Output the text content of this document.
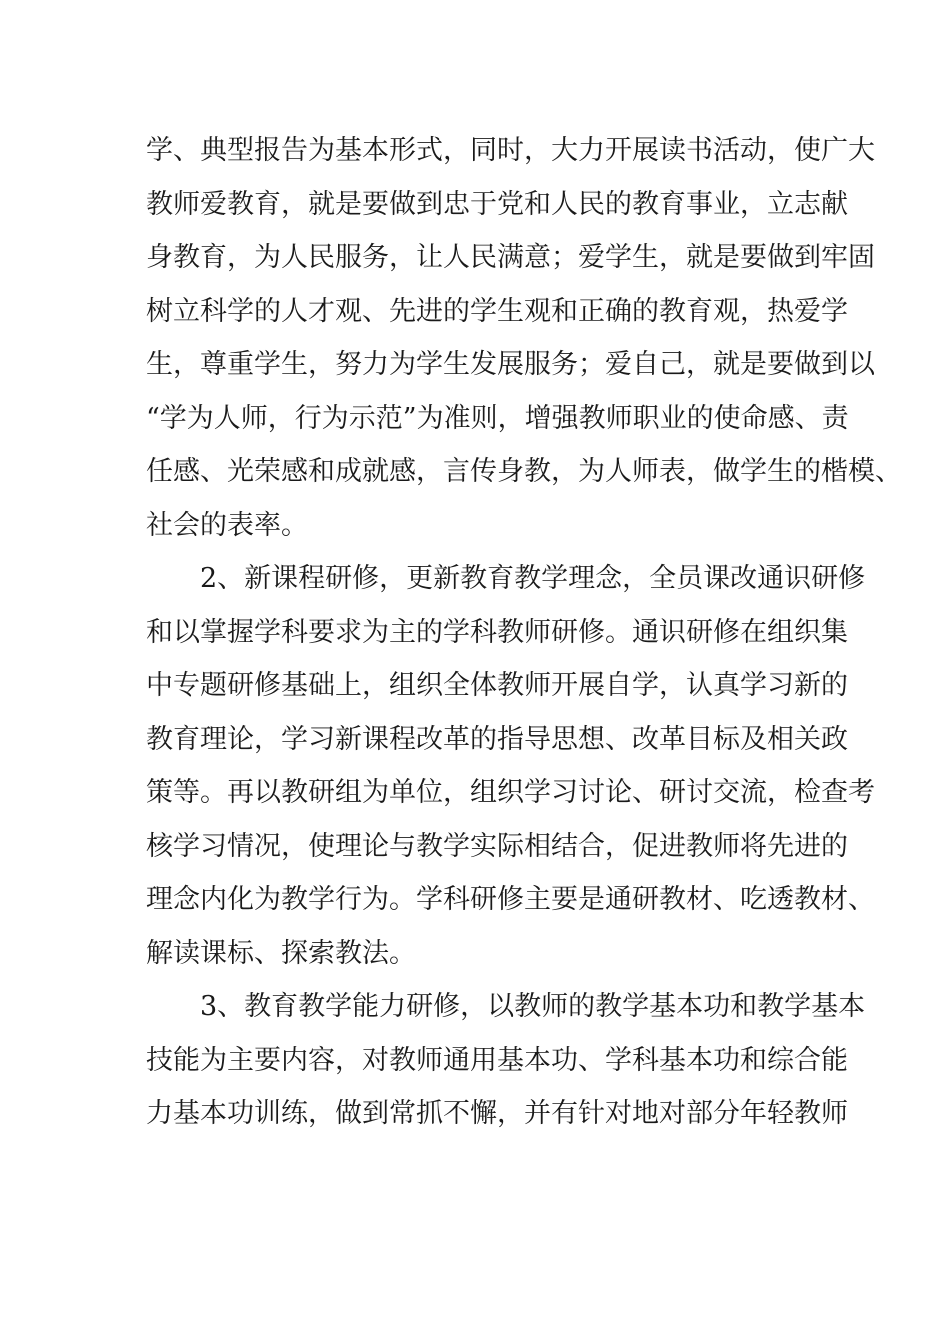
学、典型报告为基本形式，同时，大力开展读书活动，使广大
教师爱教育，就是要做到忠于党和人民的教育事业，立志献
身教育，为人民服务，让人民满意；爱学生，就是要做到牢固
树立科学的人才观、先进的学生观和正确的教育观，热爱学
生，尊重学生，努力为学生发展服务；爱自己，就是要做到以
“学为人师，行为示范”为准则，增强教师职业的使命感、责
任感、光荣感和成就感，言传身教，为人师表，做学生的楷模、
社会的表率。
2、新课程研修，更新教育教学理念，全员课改通识研修
和以掌握学科要求为主的学科教师研修。通识研修在组织集
中专题研修基础上，组织全体教师开展自学，认真学习新的
教育理论，学习新课程改革的指导思想、改革目标及相关政
策等。再以教研组为单位，组织学习讨论、研讨交流，检查考
核学习情况，使理论与教学实际相结合，促进教师将先进的
理念内化为教学行为。学科研修主要是通研教材、吃透教材、
解读课标、探索教法。
3、教育教学能力研修，以教师的教学基本功和教学基本
技能为主要内容，对教师通用基本功、学科基本功和综合能
力基本功训练，做到常抓不懈，并有针对地对部分年轻教师
